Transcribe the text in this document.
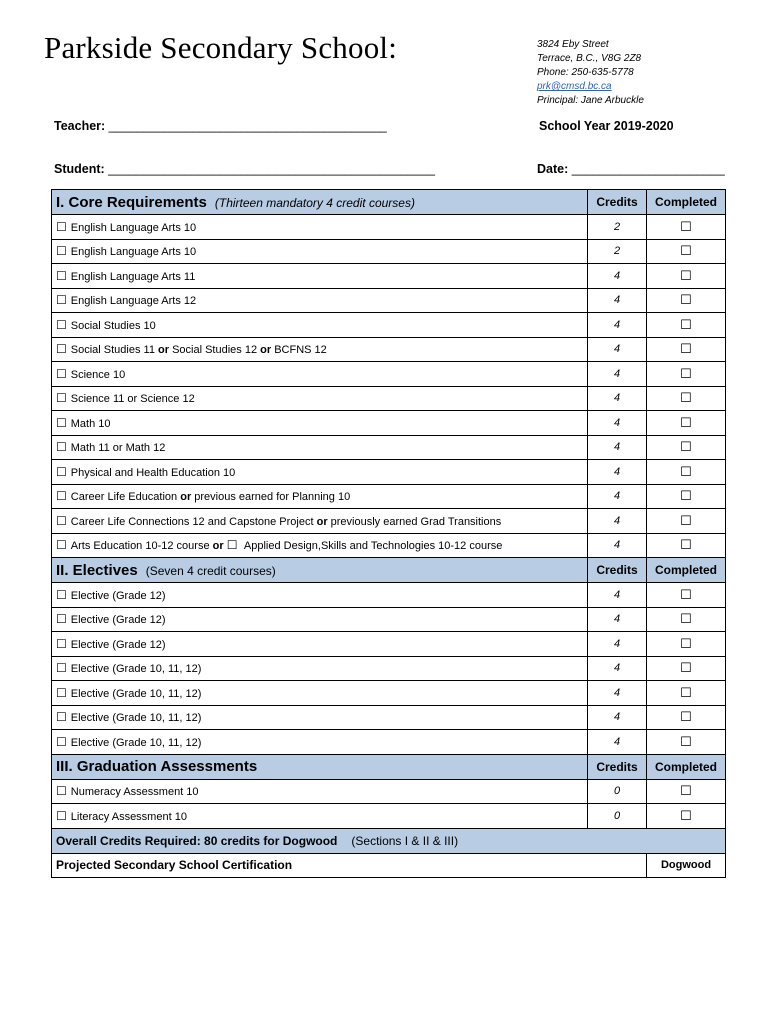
Parkside Secondary School:	3824 Eby Street
Terrace, B.C., V8G 2Z8
Phone: 250-635-5778
prk@cmsd.bc.ca
Principal: Jane Arbuckle
Teacher: ________________________________________	School Year 2019-2020
Student: _______________________________________________	Date: ______________________
I. Core Requirements (Thirteen mandatory 4 credit courses)	Credits	Completed
☐ English Language Arts 10	2	☐
☐ English Language Arts 10	2	☐
☐ English Language Arts 11	4	☐
☐ English Language Arts 12	4	☐
☐ Social Studies 10	4	☐
☐ Social Studies 11 or Social Studies 12 or BCFNS 12	4	☐
☐ Science 10	4	☐
☐ Science 11 or Science 12	4	☐
☐ Math 10	4	☐
☐ Math 11 or Math 12	4	☐
☐ Physical and Health Education 10	4	☐
☐ Career Life Education or previous earned for Planning 10	4	☐
☐ Career Life Connections 12 and Capstone Project or previously earned Grad Transitions	4	☐
☐ Arts Education 10-12 course or ☐ Applied Design,Skills and Technologies 10-12 course	4	☐
II. Electives (Seven 4 credit courses)	Credits	Completed
☐ Elective (Grade 12)	4	☐
☐ Elective (Grade 12)	4	☐
☐ Elective (Grade 12)	4	☐
☐ Elective (Grade 10, 11, 12)	4	☐
☐ Elective (Grade 10, 11, 12)	4	☐
☐ Elective (Grade 10, 11, 12)	4	☐
☐ Elective (Grade 10, 11, 12)	4	☐
III. Graduation Assessments	Credits	Completed
☐ Numeracy Assessment 10	0	☐
☐ Literacy Assessment 10	0	☐
Overall Credits Required: 80 credits for Dogwood (Sections I & II & III)		
Projected Secondary School Certification		Dogwood
